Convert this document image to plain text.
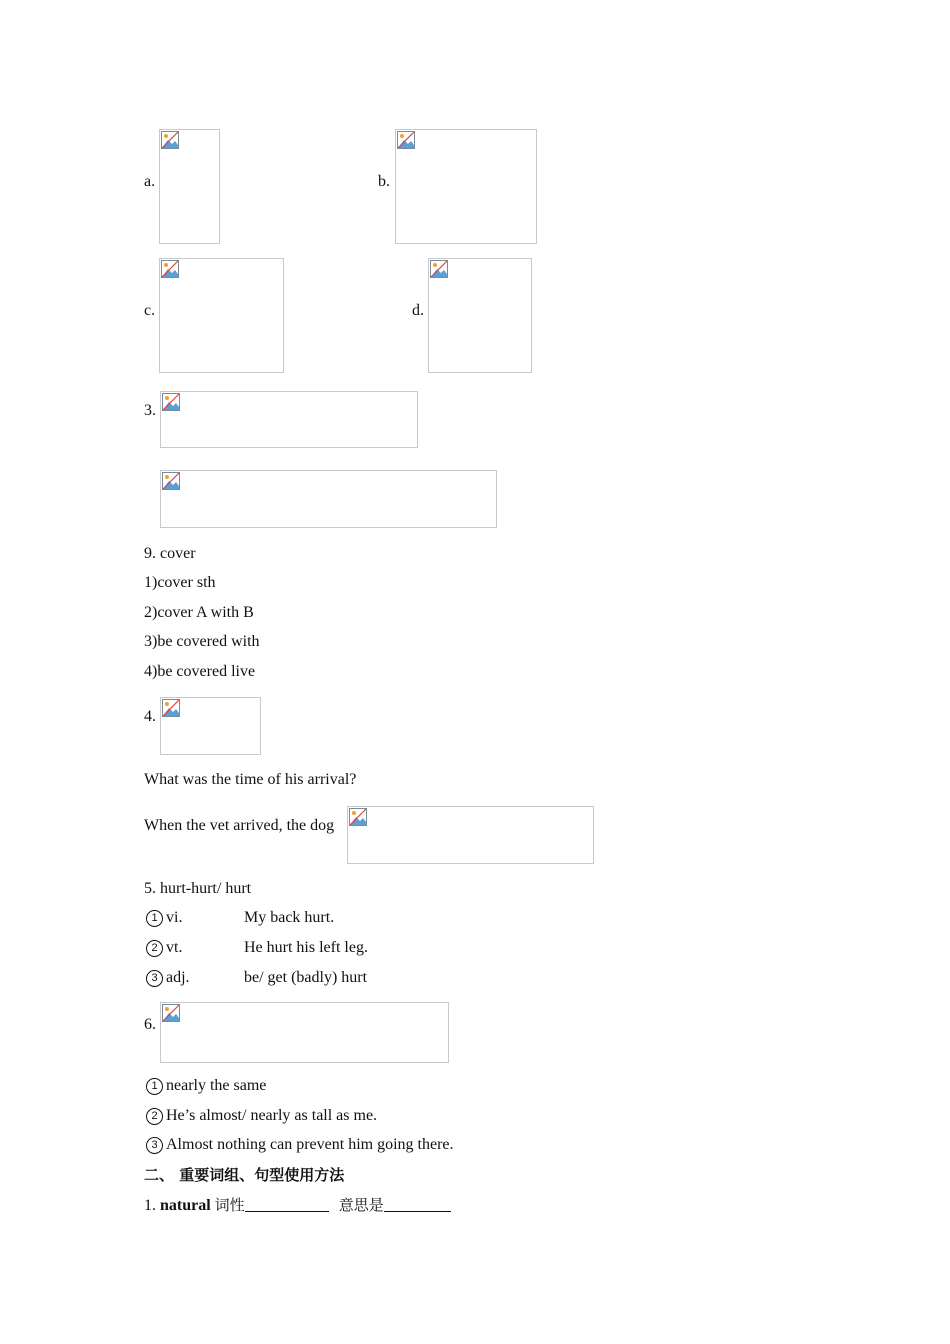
a.	b.
c.	d.
3.
9. cover
1)cover sth
2)cover A with B
3)be covered with
4)be covered live
4.
What was the time of his arrival?
When the vet arrived, the dog
5. hurt-hurt/ hurt
1 vi.	My back hurt.
2 vt.	He hurt his left leg.
3 adj.	be/ get (badly) hurt
6.
1 nearly the same
2 He’s almost/ nearly as tall as me.
3 Almost nothing can prevent him going there.
二、 重要词组、句型使用方法
1. natural 词性	意思是
